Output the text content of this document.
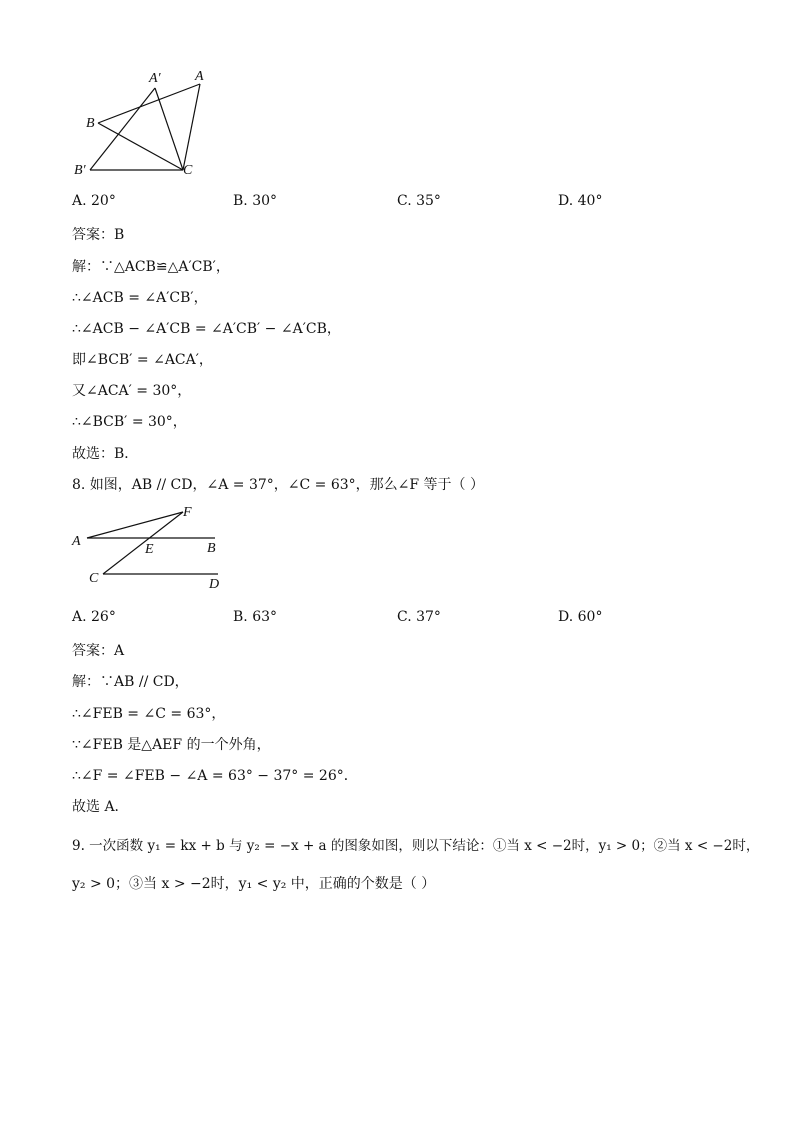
A′ A
B
B′	C
A. 20°	B. 30°	C. 35°	D. 40°
答案：B
解：∵△ACB≌△A′CB′，
∴∠ACB = ∠A′CB′，
∴∠ACB − ∠A′CB = ∠A′CB′ − ∠A′CB，
即∠BCB′ = ∠ACA′，
又∠ACA′ = 30°，
∴∠BCB′ = 30°，
故选：B．
8. 如图，AB // CD，∠A = 37°，∠C = 63°，那么∠F 等于（ ）
F
A
E	B
C	D
A. 26°	B. 63°	C. 37°	D. 60°
答案：A
解：∵AB // CD，
∴∠FEB = ∠C = 63°，
∵∠FEB 是△AEF 的一个外角，
∴∠F = ∠FEB − ∠A = 63° − 37° = 26°．
故选 A．
9. 一次函数 y₁ = kx + b 与 y₂ = −x + a 的图象如图，则以下结论：①当 x < −2时，y₁ > 0；②当 x < −2时，
y₂ > 0；③当 x > −2时，y₁ < y₂ 中，正确的个数是（ ）
